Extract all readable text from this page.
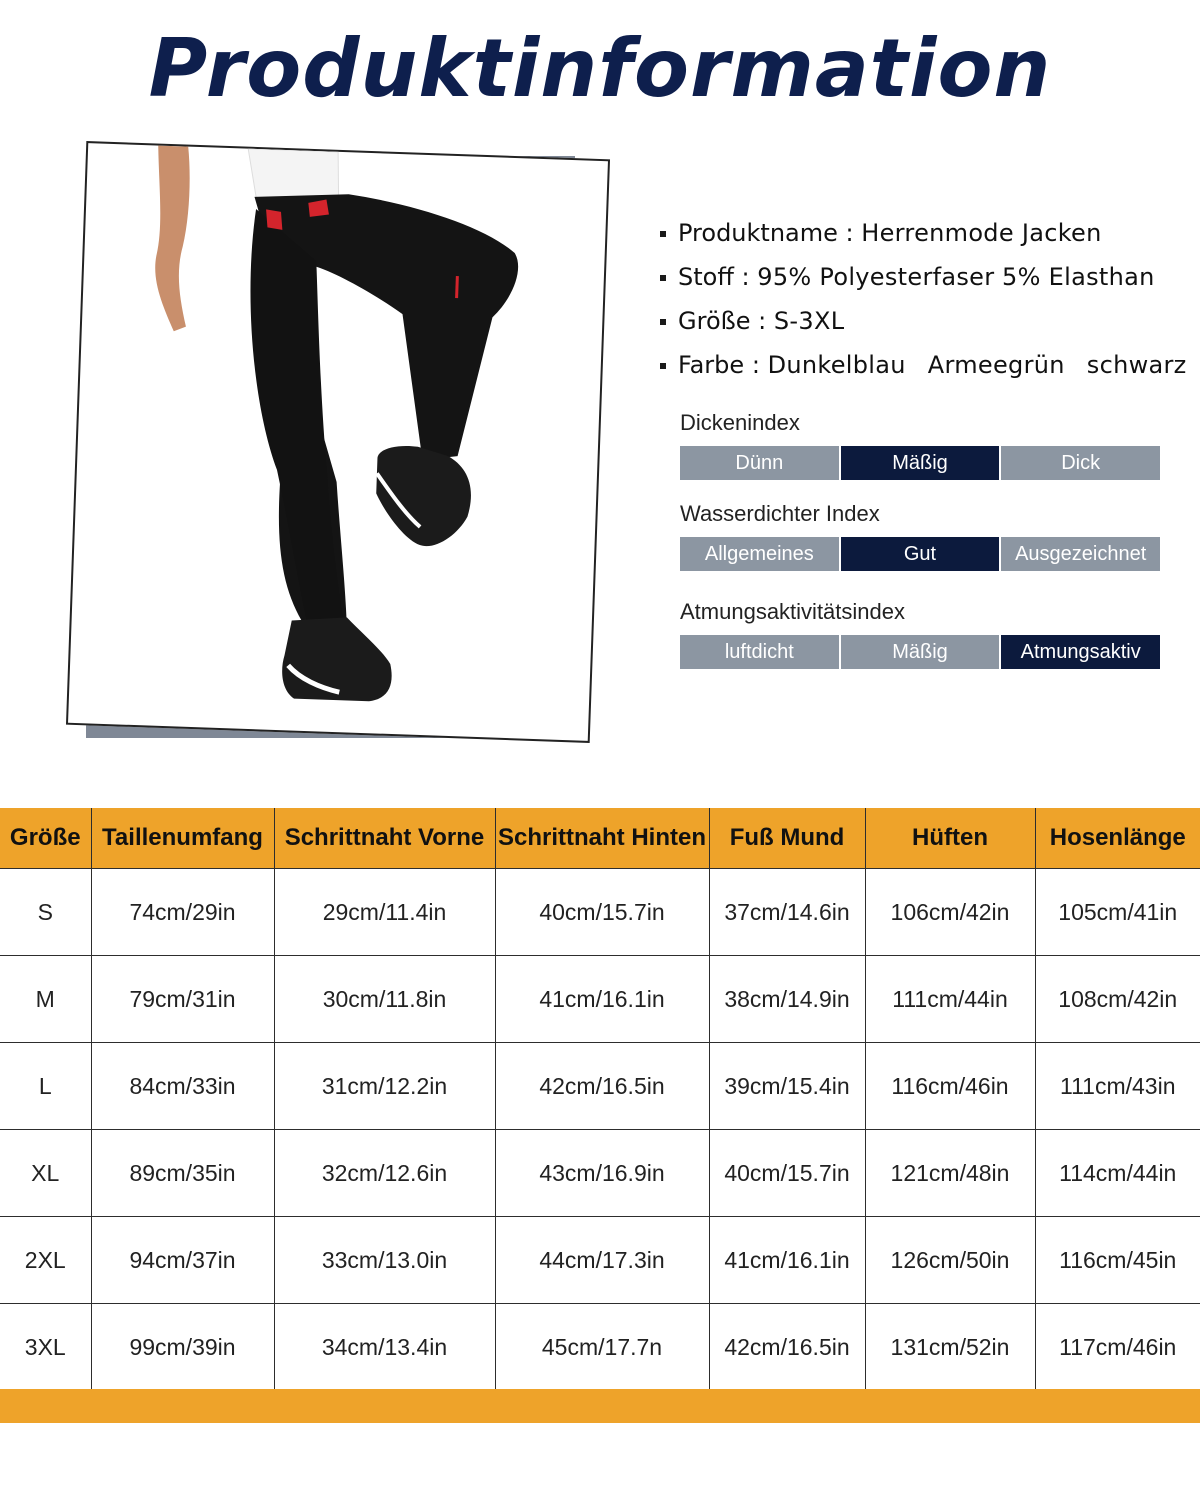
Produktinformation
Produktname : Herrenmode Jacken
Stoff : 95% Polyesterfaser 5% Elasthan
Größe : S-3XL
Farbe : Dunkelblau Armeegrün schwarz
Dickenindex
Dünn	Mäßig	Dick
Wasserdichter Index
Allgemeines	Gut	Ausgezeichnet
Atmungsaktivitätsindex
luftdicht	Mäßig	Atmungsaktiv
Größe	Taillenumfang	Schrittnaht Vorne	Schrittnaht Hinten	Fuß Mund	Hüften	Hosenlänge
S	74cm/29in	29cm/11.4in	40cm/15.7in	37cm/14.6in	106cm/42in	105cm/41in
M	79cm/31in	30cm/11.8in	41cm/16.1in	38cm/14.9in	111cm/44in	108cm/42in
L	84cm/33in	31cm/12.2in	42cm/16.5in	39cm/15.4in	116cm/46in	111cm/43in
XL	89cm/35in	32cm/12.6in	43cm/16.9in	40cm/15.7in	121cm/48in	114cm/44in
2XL	94cm/37in	33cm/13.0in	44cm/17.3in	41cm/16.1in	126cm/50in	116cm/45in
3XL	99cm/39in	34cm/13.4in	45cm/17.7n	42cm/16.5in	131cm/52in	117cm/46in
